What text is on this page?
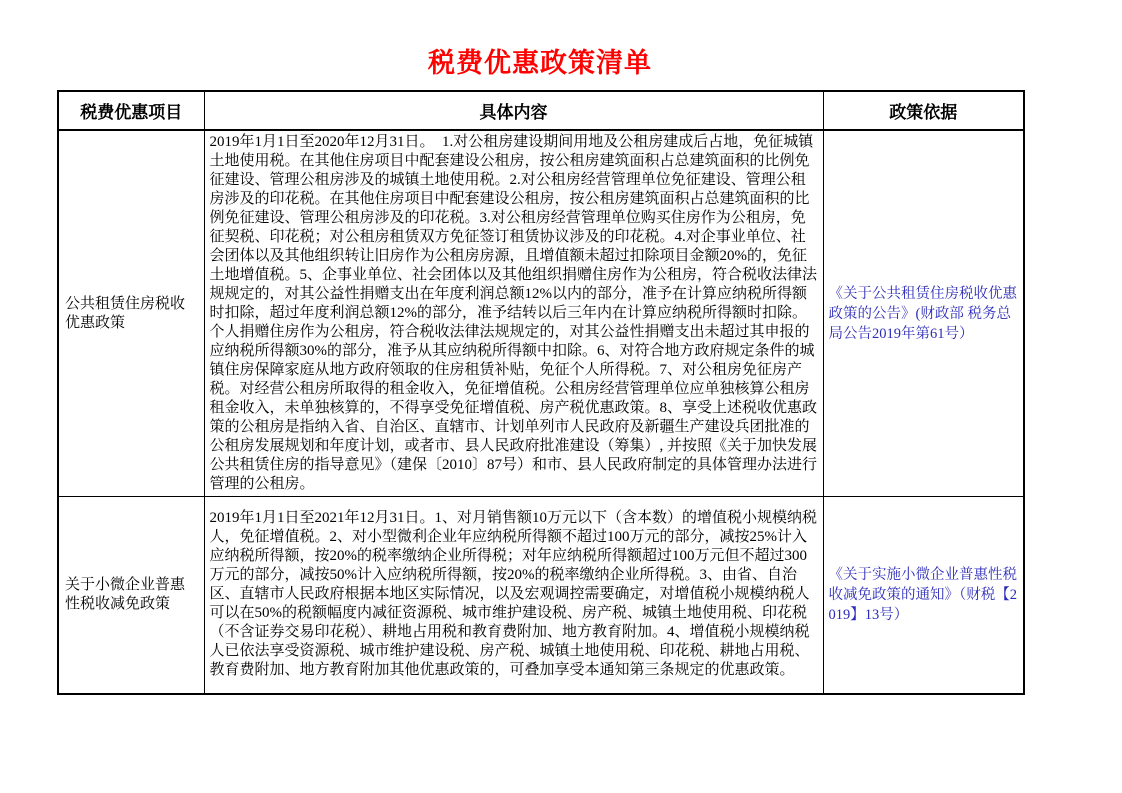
税费优惠政策清单
税费优惠项目	具体内容	政策依据
公共租赁住房税收优惠政策	2019年1月1日至2020年12月31日。  1.对公租房建设期间用地及公租房建成后占地，免征城镇土地使用税。在其他住房项目中配套建设公租房，按公租房建筑面积占总建筑面积的比例免征建设、管理公租房涉及的城镇土地使用税。2.对公租房经营管理单位免征建设、管理公租房涉及的印花税。在其他住房项目中配套建设公租房，按公租房建筑面积占总建筑面积的比例免征建设、管理公租房涉及的印花税。3.对公租房经营管理单位购买住房作为公租房，免征契税、印花税；对公租房租赁双方免征签订租赁协议涉及的印花税。4.对企事业单位、社会团体以及其他组织转让旧房作为公租房房源，且增值额未超过扣除项目金额20%的，免征土地增值税。5、企事业单位、社会团体以及其他组织捐赠住房作为公租房，符合税收法律法规规定的，对其公益性捐赠支出在年度利润总额12%以内的部分，准予在计算应纳税所得额时扣除，超过年度利润总额12%的部分，准予结转以后三年内在计算应纳税所得额时扣除。个人捐赠住房作为公租房，符合税收法律法规规定的，对其公益性捐赠支出未超过其申报的应纳税所得额30%的部分，准予从其应纳税所得额中扣除。6、对符合地方政府规定条件的城镇住房保障家庭从地方政府领取的住房租赁补贴，免征个人所得税。7、对公租房免征房产税。对经营公租房所取得的租金收入，免征增值税。公租房经营管理单位应单独核算公租房租金收入，未单独核算的，不得享受免征增值税、房产税优惠政策。8、享受上述税收优惠政策的公租房是指纳入省、自治区、直辖市、计划单列市人民政府及新疆生产建设兵团批准的公租房发展规划和年度计划，或者市、县人民政府批准建设（筹集）, 并按照《关于加快发展公共租赁住房的指导意见》（建保〔2010〕87号）和市、县人民政府制定的具体管理办法进行管理的公租房。	《关于公共租赁住房税收优惠政策的公告》(财政部 税务总局公告2019年第61号）
关于小微企业普惠性税收减免政策	2019年1月1日至2021年12月31日。1、对月销售额10万元以下（含本数）的增值税小规模纳税人，免征增值税。2、对小型微利企业年应纳税所得额不超过100万元的部分，减按25%计入应纳税所得额，按20%的税率缴纳企业所得税；对年应纳税所得额超过100万元但不超过300万元的部分，减按50%计入应纳税所得额，按20%的税率缴纳企业所得税。3、由省、自治区、直辖市人民政府根据本地区实际情况，以及宏观调控需要确定，对增值税小规模纳税人可以在50%的税额幅度内减征资源税、城市维护建设税、房产税、城镇土地使用税、印花税（不含证券交易印花税）、耕地占用税和教育费附加、地方教育附加。4、增值税小规模纳税人已依法享受资源税、城市维护建设税、房产税、城镇土地使用税、印花税、耕地占用税、教育费附加、地方教育附加其他优惠政策的，可叠加享受本通知第三条规定的优惠政策。	《关于实施小微企业普惠性税收减免政策的通知》（财税【2019】13号）
